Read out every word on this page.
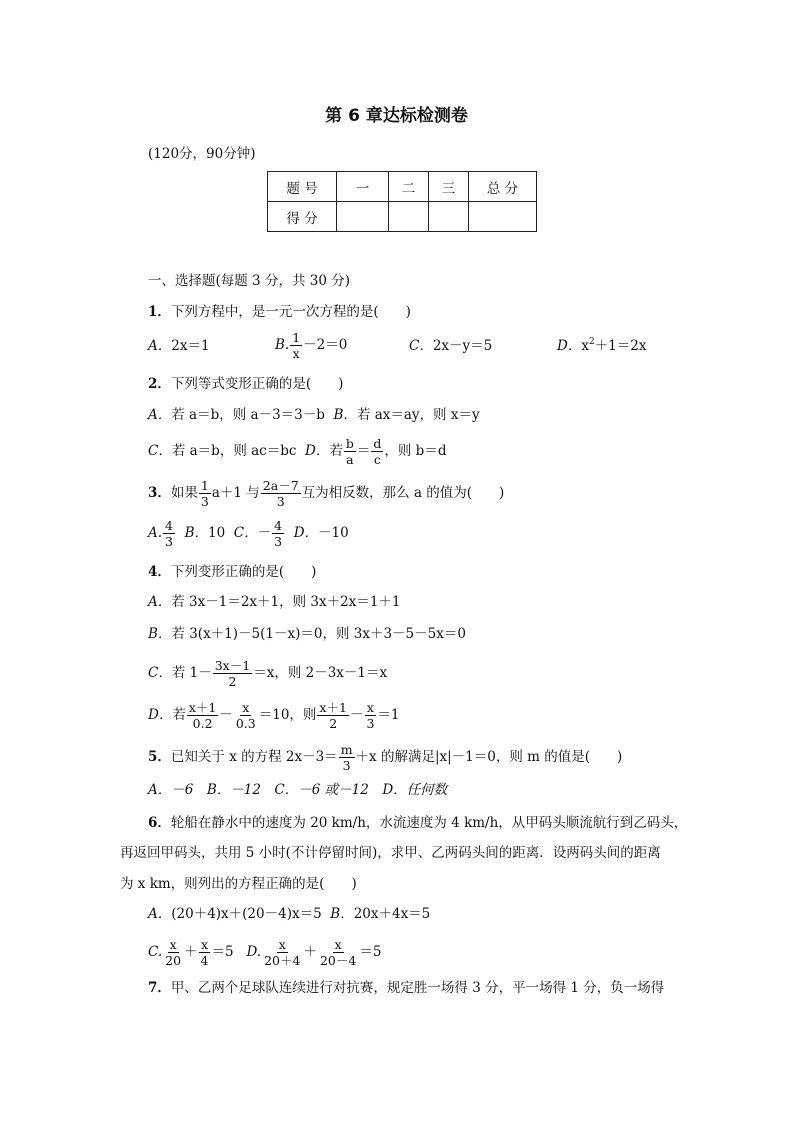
第 6 章达标检测卷
(120分，90分钟)
题 号	一	二	三	总 分
得 分				
一、选择题(每题 3 分，共 30 分)
1．下列方程中，是一元一次方程的是(　　)
A．2x＝1	B. $\frac{1}{x} -2=0$	C．2x－y＝5	D．$x^2+1=2x$
2．下列等式变形正确的是(　　)
A．若 a＝b，则 a－3＝3－b B．若 ax＝ay，则 x＝y
C．若 a＝b，则 ac＝bc D．若 $\frac{b}{a} = \frac{d}{c}$ ，则 b＝d
3．如果 $\frac{1}{3} a+1$ 与 $\frac{2a-7}{3}$ 互为相反数，那么 a 的值为(　　)
A. $\frac{4}{3}$ B．10 C．－ $\frac{4}{3}$ D．－10
4．下列变形正确的是(　　)
A．若 3x－1＝2x＋1，则 3x＋2x＝1＋1
B．若 3(x＋1)－5(1－x)＝0，则 3x＋3－5－5x＝0
C．若 $1- \frac{3x-1}{2} =x$，则 2－3x－1＝x
D．若 $\frac{x+1}{0.2} - \frac{x}{0.3} =10$，则 $\frac{x+1}{2} - \frac{x}{3} =1$
5．已知关于 x 的方程 $2x-3= \frac{m}{3} +x$ 的解满足|x|－1＝0，则 m 的值是(　　)
A．－6　B．－12　C．－6 或－12　D．任何数
6．轮船在静水中的速度为 20 km/h，水流速度为 4 km/h，从甲码头顺流航行到乙码头，
再返回甲码头，共用 5 小时(不计停留时间)，求甲、乙两码头间的距离．设两码头间的距离
为 x km，则列出的方程正确的是(　　)
A．(20＋4)x＋(20－4)x＝5 B．20x＋4x＝5
C. $\frac{x}{20} + \frac{x}{4} =5$ D. $\frac{x}{20+4} + \frac{x}{20-4} =5$
7．甲、乙两个足球队连续进行对抗赛，规定胜一场得 3 分，平一场得 1 分，负一场得
